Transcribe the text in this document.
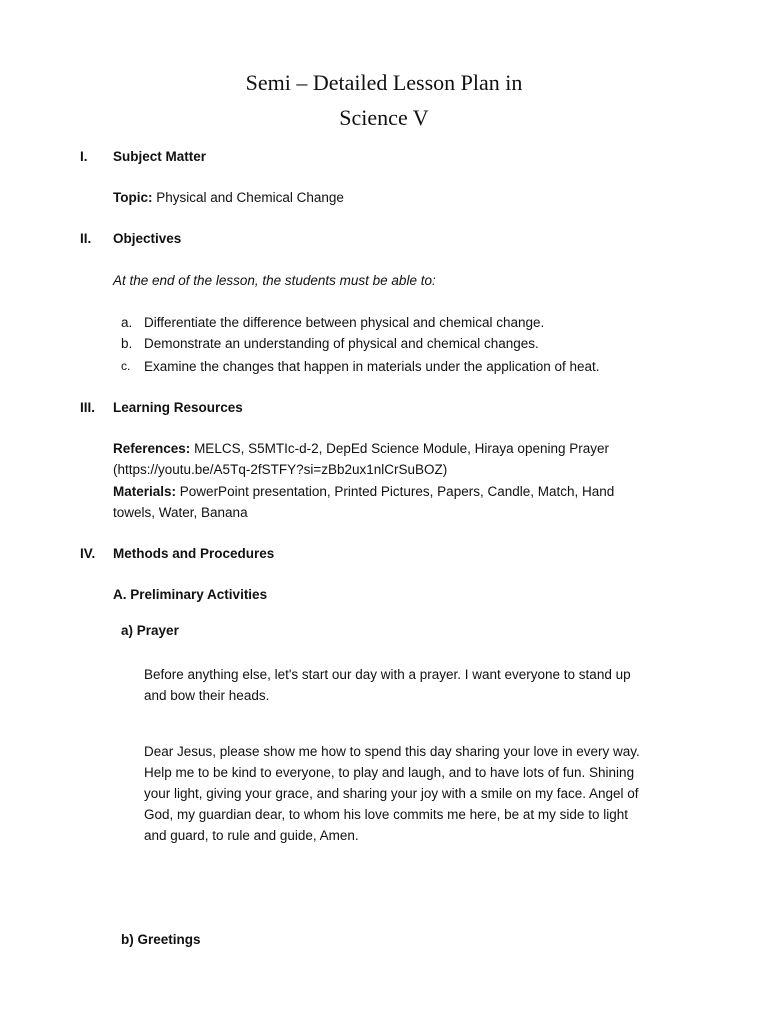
Semi – Detailed Lesson Plan in
Science V
I. Subject Matter
Topic: Physical and Chemical Change
II. Objectives
At the end of the lesson, the students must be able to:
a. Differentiate the difference between physical and chemical change.
b. Demonstrate an understanding of physical and chemical changes.
c. Examine the changes that happen in materials under the application of heat.
III. Learning Resources
References: MELCS, S5MTIc-d-2, DepEd Science Module, Hiraya opening Prayer
(https://youtu.be/A5Tq-2fSTFY?si=zBb2ux1nlCrSuBOZ)
Materials: PowerPoint presentation, Printed Pictures, Papers, Candle, Match, Hand
towels, Water, Banana
IV. Methods and Procedures
A. Preliminary Activities
a) Prayer
Before anything else, let's start our day with a prayer. I want everyone to stand up
and bow their heads.
Dear Jesus, please show me how to spend this day sharing your love in every way.
Help me to be kind to everyone, to play and laugh, and to have lots of fun. Shining
your light, giving your grace, and sharing your joy with a smile on my face. Angel of
God, my guardian dear, to whom his love commits me here, be at my side to light
and guard, to rule and guide, Amen.
b) Greetings
